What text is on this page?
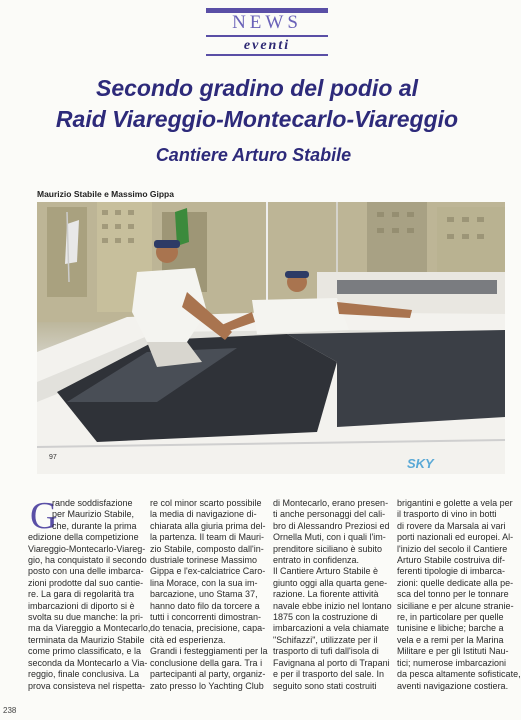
NEWS
eventi
Secondo gradino del podio al
Raid Viareggio-Montecarlo-Viareggio
Cantiere Arturo Stabile
Maurizio Stabile e Massimo Gippa
97	SKY
G
rande soddisfazione
per Maurizio Stabile,
che, durante la prima
edizione della competizione
Viareggio-Montecarlo-Viareg-
gio, ha conquistato il secondo
posto con una delle imbarca-
zioni prodotte dal suo cantie-
re. La gara di regolarità tra
imbarcazioni di diporto si è
svolta su due manche: la pri-
ma da Viareggio a Montecarlo,
terminata da Maurizio Stabile
come primo classificato, e la
seconda da Montecarlo a Via-
reggio, finale conclusiva. La
prova consisteva nel rispetta-
re col minor scarto possibile
la media di navigazione di-
chiarata alla giuria prima del-
la partenza. Il team di Mauri-
zio Stabile, composto dall'in-
dustriale torinese Massimo
Gippa e l'ex-calciatrice Caro-
lina Morace, con la sua im-
barcazione, uno Stama 37,
hanno dato filo da torcere a
tutti i concorrenti dimostran-
do tenacia, precisione, capa-
cità ed esperienza.
Grandi i festeggiamenti per la
conclusione della gara. Tra i
partecipanti al party, organiz-
zato presso lo Yachting Club
di Montecarlo, erano presen-
ti anche personaggi del cali-
bro di Alessandro Preziosi ed
Ornella Muti, con i quali l'im-
prenditore siciliano è subito
entrato in confidenza.
Il Cantiere Arturo Stabile è
giunto oggi alla quarta gene-
razione. La fiorente attività
navale ebbe inizio nel lontano
1875 con la costruzione di
imbarcazioni a vela chiamate
"Schifazzi", utilizzate per il
trasporto di tufi dall'isola di
Favignana al porto di Trapani
e per il trasporto del sale. In
seguito sono stati costruiti
brigantini e golette a vela per
il trasporto di vino in botti
di rovere da Marsala ai vari
porti nazionali ed europei. Al-
l'inizio del secolo il Cantiere
Arturo Stabile costruiva dif-
ferenti tipologie di imbarca-
zioni: quelle dedicate alla pe-
sca del tonno per le tonnare
siciliane e per alcune stranie-
re, in particolare per quelle
tunisine e libiche; barche a
vela e a remi per la Marina
Militare e per gli Istituti Nau-
tici; numerose imbarcazioni
da pesca altamente sofisticate,
aventi navigazione costiera.
238
